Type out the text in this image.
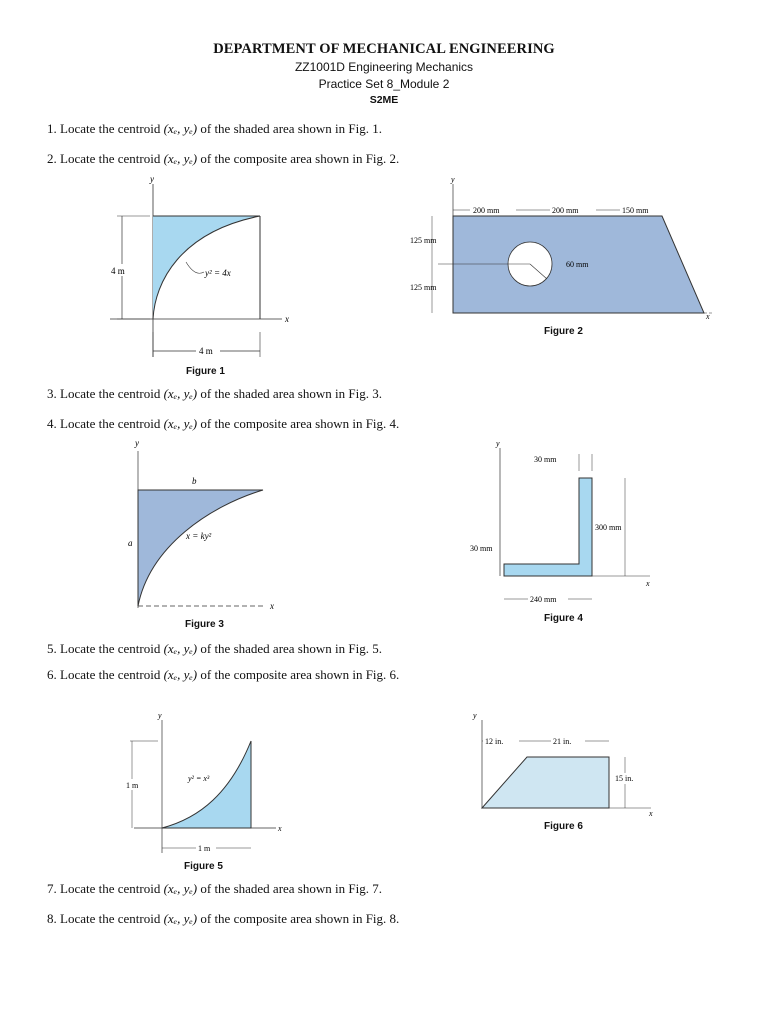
DEPARTMENT OF MECHANICAL ENGINEERING
ZZ1001D Engineering Mechanics
Practice Set 8_Module 2
S2ME
1. Locate the centroid (xₑ, yₑ) of the shaded area shown in Fig. 1.
2. Locate the centroid (xₑ, yₑ) of the composite area shown in Fig. 2.
3. Locate the centroid (xₑ, yₑ) of the shaded area shown in Fig. 3.
4. Locate the centroid (xₑ, yₑ) of the composite area shown in Fig. 4.
5. Locate the centroid (xₑ, yₑ) of the shaded area shown in Fig. 5.
6. Locate the centroid (xₑ, yₑ) of the composite area shown in Fig. 6.
7. Locate the centroid (xₑ, yₑ) of the shaded area shown in Fig. 7.
8. Locate the centroid (xₑ, yₑ) of the composite area shown in Fig. 8.
y
x
4 m	y² = 4x
4 m
Figure 1
y
x
200 mm	200 mm	150 mm
125 mm
125 mm
60 mm
Figure 2
y
x
b
a
x = ky²
Figure 3
y
x
30 mm
300 mm
30 mm
240 mm
Figure 4
y
x
1 m
y² = x³
1 m
Figure 5
y
x
12 in.	21 in.
15 in.
Figure 6
